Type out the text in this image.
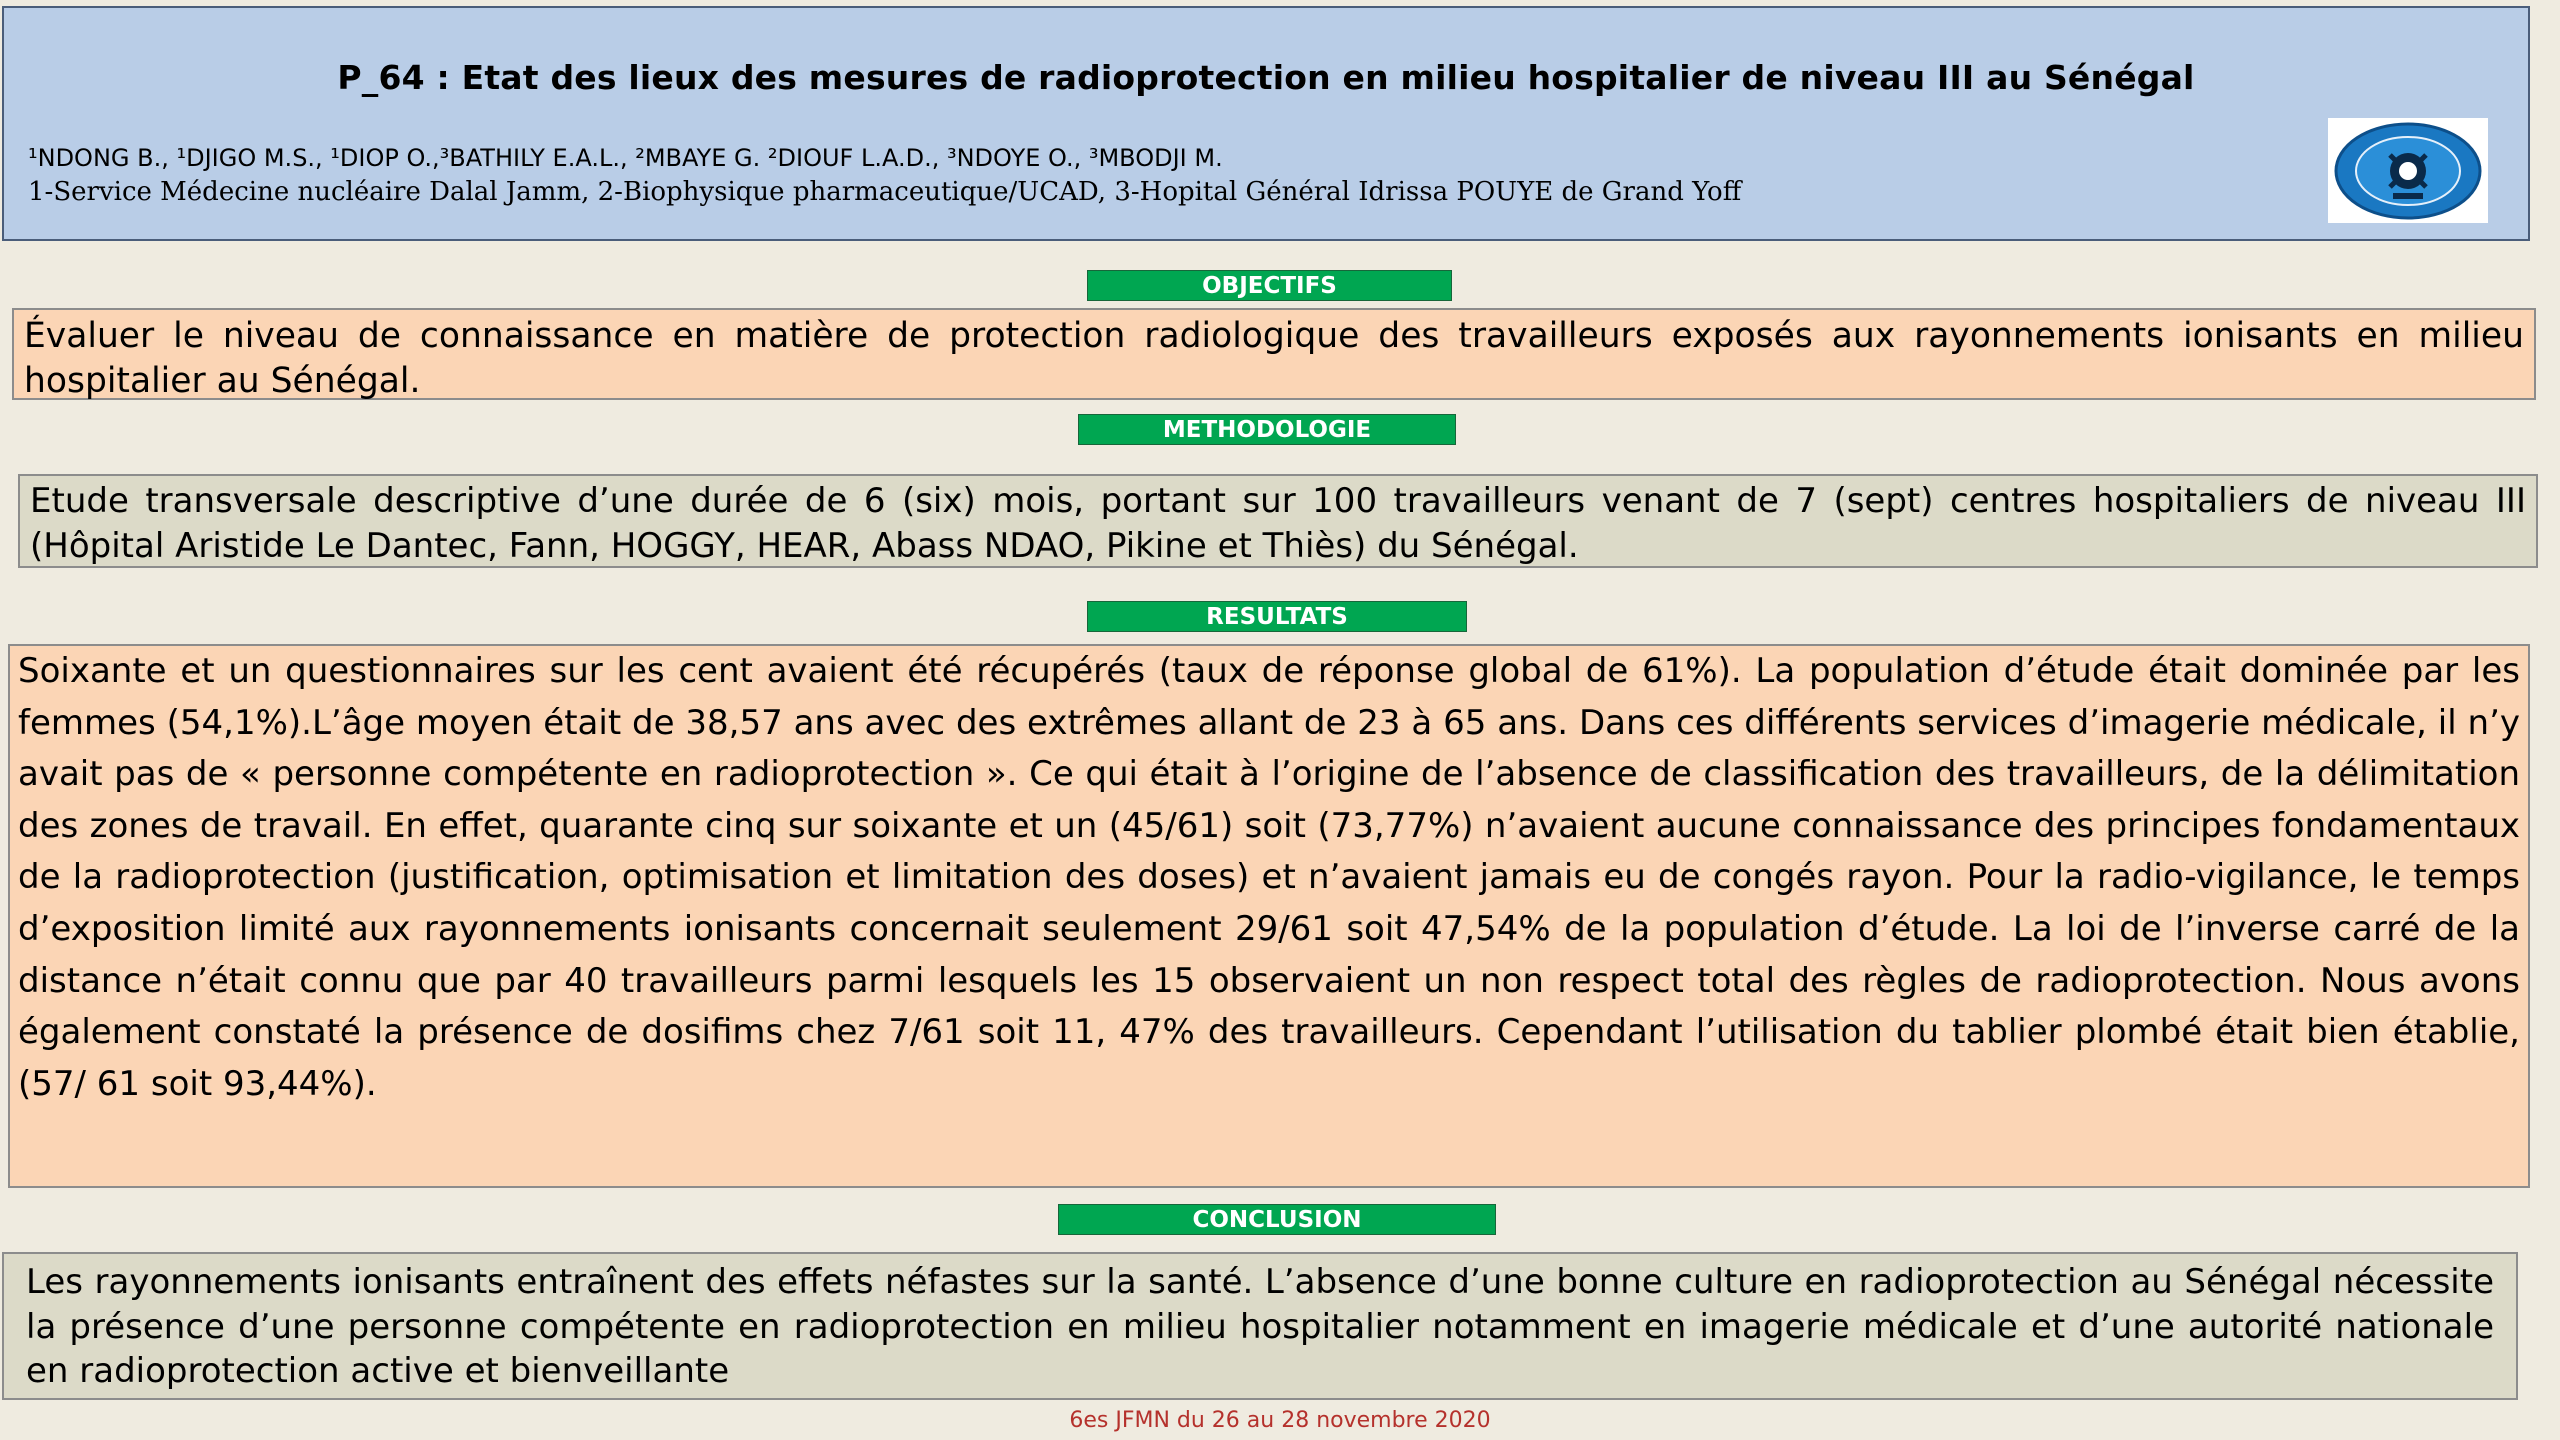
P_64 : Etat des lieux des mesures de radioprotection en milieu hospitalier de niveau III au Sénégal
¹NDONG B., ¹DJIGO M.S., ¹DIOP O.,³BATHILY E.A.L., ²MBAYE G. ²DIOUF L.A.D., ³NDOYE O., ³MBODJI M.
1-Service Médecine nucléaire Dalal Jamm, 2-Biophysique pharmaceutique/UCAD, 3-Hopital Général Idrissa POUYE de Grand Yoff
OBJECTIFS

Évaluer le niveau de connaissance en matière de protection radiologique des travailleurs exposés aux rayonnements ionisants en milieu hospitalier au Sénégal.

METHODOLOGIE

Etude transversale descriptive d’une durée de 6 (six) mois, portant sur 100 travailleurs venant de 7 (sept) centres hospitaliers de niveau III (Hôpital Aristide Le Dantec, Fann, HOGGY, HEAR, Abass NDAO, Pikine et Thiès) du Sénégal.

RESULTATS

Soixante et un questionnaires sur les cent avaient été récupérés (taux de réponse global de 61%). La population d’étude était dominée par les femmes (54,1%).L’âge moyen était de 38,57 ans avec des extrêmes allant de 23 à 65 ans. Dans ces différents services d’imagerie médicale, il n’y avait pas de « personne compétente en radioprotection ». Ce qui était à l’origine de l’absence de classification des travailleurs, de la délimitation des zones de travail. En effet, quarante cinq sur soixante et un (45/61) soit (73,77%) n’avaient aucune connaissance des principes fondamentaux de la radioprotection (justification, optimisation et limitation des doses) et n’avaient jamais eu de congés rayon. Pour la radio-vigilance, le temps d’exposition limité aux rayonnements ionisants concernait seulement 29/61 soit 47,54% de la population d’étude. La loi de l’inverse carré de la distance n’était connu que par 40 travailleurs parmi lesquels les 15 observaient un non respect total des règles de radioprotection. Nous avons également constaté la présence de dosifims chez 7/61 soit 11, 47% des travailleurs. Cependant l’utilisation du tablier plombé était bien établie, (57/ 61 soit 93,44%).

CONCLUSION

Les rayonnements ionisants entraînent des effets néfastes sur la santé. L’absence d’une bonne culture en radioprotection au Sénégal nécessite la présence d’une personne compétente en radioprotection en milieu hospitalier notamment en imagerie médicale et d’une autorité nationale en radioprotection active et bienveillante

6es JFMN du 26 au 28 novembre 2020
